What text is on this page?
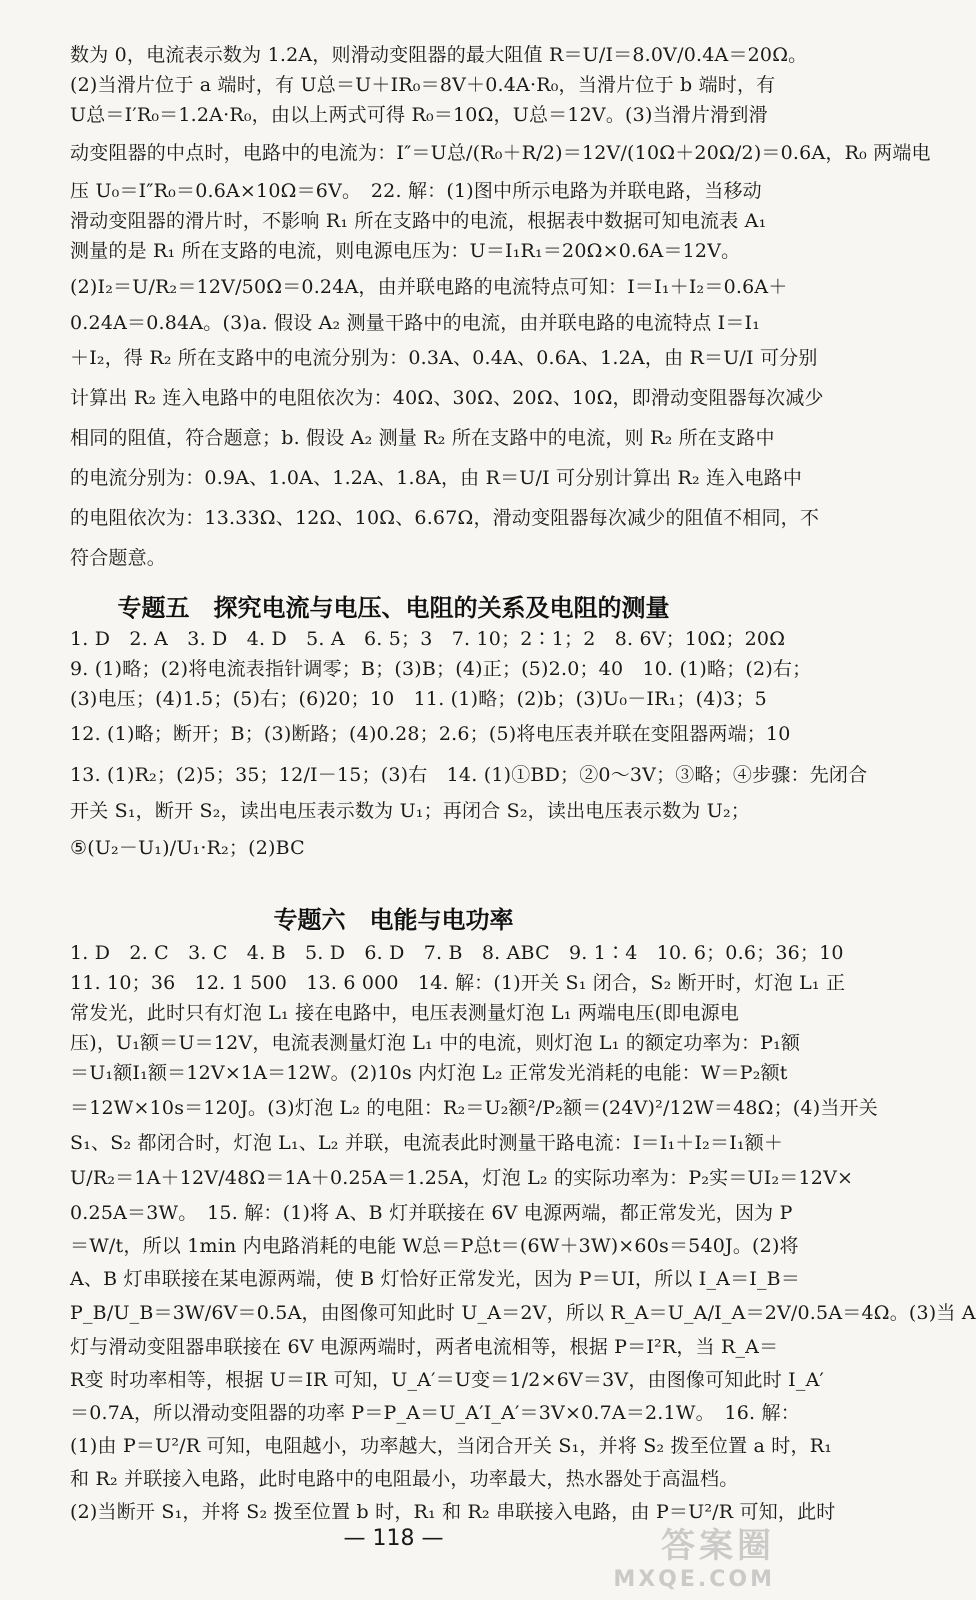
数为 0，电流表示数为 1.2A，则滑动变阻器的最大阻值 R＝U/I＝8.0V/0.4A＝20Ω。
(2)当滑片位于 a 端时，有 U总＝U＋IR₀＝8V＋0.4A·R₀，当滑片位于 b 端时，有
U总＝I′R₀＝1.2A·R₀，由以上两式可得 R₀＝10Ω，U总＝12V。(3)当滑片滑到滑
动变阻器的中点时，电路中的电流为：I″＝U总/(R₀＋R/2)＝12V/(10Ω＋20Ω/2)＝0.6A，R₀ 两端电
压 U₀＝I″R₀＝0.6A×10Ω＝6V。　22. 解：(1)图中所示电路为并联电路，当移动
滑动变阻器的滑片时，不影响 R₁ 所在支路中的电流，根据表中数据可知电流表 A₁
测量的是 R₁ 所在支路的电流，则电源电压为：U＝I₁R₁＝20Ω×0.6A＝12V。
(2)I₂＝U/R₂＝12V/50Ω＝0.24A，由并联电路的电流特点可知：I＝I₁＋I₂＝0.6A＋
0.24A＝0.84A。(3)a. 假设 A₂ 测量干路中的电流，由并联电路的电流特点 I＝I₁
＋I₂，得 R₂ 所在支路中的电流分别为：0.3A、0.4A、0.6A、1.2A，由 R＝U/I 可分别
计算出 R₂ 连入电路中的电阻依次为：40Ω、30Ω、20Ω、10Ω，即滑动变阻器每次减少
相同的阻值，符合题意；b. 假设 A₂ 测量 R₂ 所在支路中的电流，则 R₂ 所在支路中
的电流分别为：0.9A、1.0A、1.2A、1.8A，由 R＝U/I 可分别计算出 R₂ 连入电路中
的电阻依次为：13.33Ω、12Ω、10Ω、6.67Ω，滑动变阻器每次减少的阻值不相同，不
符合题意。
专题五　探究电流与电压、电阻的关系及电阻的测量
1. D　2. A　3. D　4. D　5. A　6. 5；3　7. 10；2∶1；2　8. 6V；10Ω；20Ω
9. (1)略；(2)将电流表指针调零；B；(3)B；(4)正；(5)2.0；40　10. (1)略；(2)右；
(3)电压；(4)1.5；(5)右；(6)20；10　11. (1)略；(2)b；(3)U₀－IR₁；(4)3；5
12. (1)略；断开；B；(3)断路；(4)0.28；2.6；(5)将电压表并联在变阻器两端；10
13. (1)R₂；(2)5；35；12/I－15；(3)右　14. (1)①BD；②0～3V；③略；④步骤：先闭合
开关 S₁，断开 S₂，读出电压表示数为 U₁；再闭合 S₂，读出电压表示数为 U₂；
⑤(U₂－U₁)/U₁·R₂；(2)BC
专题六　电能与电功率
1. D　2. C　3. C　4. B　5. D　6. D　7. B　8. ABC　9. 1∶4　10. 6；0.6；36；10
11. 10；36　12. 1 500　13. 6 000　14. 解：(1)开关 S₁ 闭合，S₂ 断开时，灯泡 L₁ 正
常发光，此时只有灯泡 L₁ 接在电路中，电压表测量灯泡 L₁ 两端电压(即电源电
压)，U₁额＝U＝12V，电流表测量灯泡 L₁ 中的电流，则灯泡 L₁ 的额定功率为：P₁额
＝U₁额I₁额＝12V×1A＝12W。(2)10s 内灯泡 L₂ 正常发光消耗的电能：W＝P₂额t
＝12W×10s＝120J。(3)灯泡 L₂ 的电阻：R₂＝U₂额²/P₂额＝(24V)²/12W＝48Ω；(4)当开关
S₁、S₂ 都闭合时，灯泡 L₁、L₂ 并联，电流表此时测量干路电流：I＝I₁＋I₂＝I₁额＋
U/R₂＝1A＋12V/48Ω＝1A＋0.25A＝1.25A，灯泡 L₂ 的实际功率为：P₂实＝UI₂＝12V×
0.25A＝3W。　15. 解：(1)将 A、B 灯并联接在 6V 电源两端，都正常发光，因为 P
＝W/t，所以 1min 内电路消耗的电能 W总＝P总t＝(6W＋3W)×60s＝540J。(2)将
A、B 灯串联接在某电源两端，使 B 灯恰好正常发光，因为 P＝UI，所以 I_A＝I_B＝
P_B/U_B＝3W/6V＝0.5A，由图像可知此时 U_A＝2V，所以 R_A＝U_A/I_A＝2V/0.5A＝4Ω。(3)当 A
灯与滑动变阻器串联接在 6V 电源两端时，两者电流相等，根据 P＝I²R，当 R_A＝
R变 时功率相等，根据 U＝IR 可知，U_A′＝U变＝1/2×6V＝3V，由图像可知此时 I_A′
＝0.7A，所以滑动变阻器的功率 P＝P_A＝U_A′I_A′＝3V×0.7A＝2.1W。　16. 解：
(1)由 P＝U²/R 可知，电阻越小，功率越大，当闭合开关 S₁，并将 S₂ 拨至位置 a 时，R₁
和 R₂ 并联接入电路，此时电路中的电阻最小，功率最大，热水器处于高温档。
(2)当断开 S₁，并将 S₂ 拨至位置 b 时，R₁ 和 R₂ 串联接入电路，由 P＝U²/R 可知，此时
— 118 —	答案圈
MXQE.COM
